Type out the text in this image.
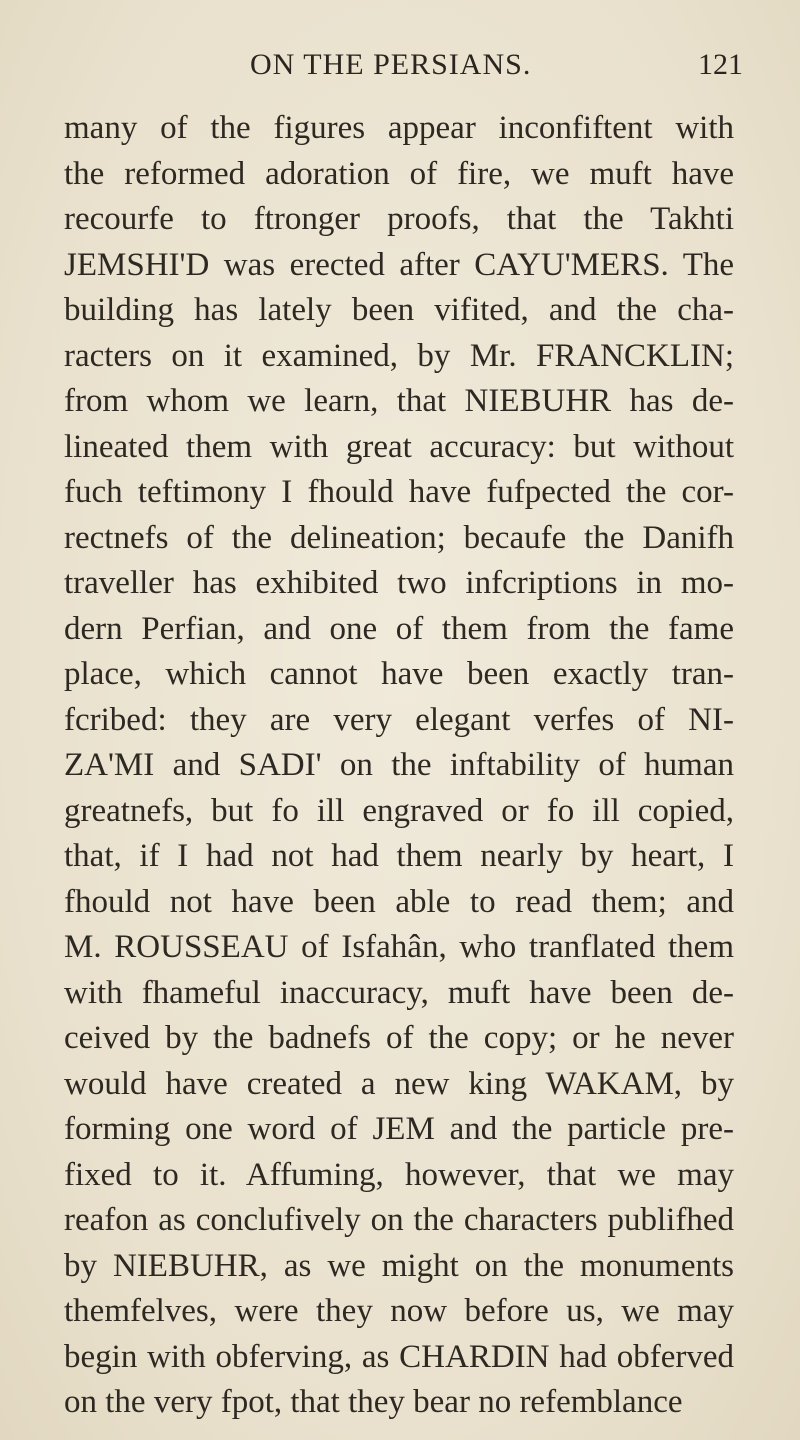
ON THE PERSIANS.	121
many of the figures appear inconfiftent with
the reformed adoration of fire, we muft have
recourfe to ftronger proofs, that the Takhti
JEMSHI'D was erected after CAYU'MERS. The
building has lately been vifited, and the cha-
racters on it examined, by Mr. FRANCKLIN;
from whom we learn, that NIEBUHR has de-
lineated them with great accuracy: but without
fuch teftimony I fhould have fufpected the cor-
rectnefs of the delineation; becaufe the Danifh
traveller has exhibited two infcriptions in mo-
dern Perfian, and one of them from the fame
place, which cannot have been exactly tran-
fcribed: they are very elegant verfes of NI-
ZA'MI and SADI' on the inftability of human
greatnefs, but fo ill engraved or fo ill copied,
that, if I had not had them nearly by heart, I
fhould not have been able to read them; and
M. ROUSSEAU of Isfahân, who tranflated them
with fhameful inaccuracy, muft have been de-
ceived by the badnefs of the copy; or he never
would have created a new king WAKAM, by
forming one word of JEM and the particle pre-
fixed to it. Affuming, however, that we may
reafon as conclufively on the characters publifhed
by NIEBUHR, as we might on the monuments
themfelves, were they now before us, we may
begin with obferving, as CHARDIN had obferved
on the very fpot, that they bear no refemblance
